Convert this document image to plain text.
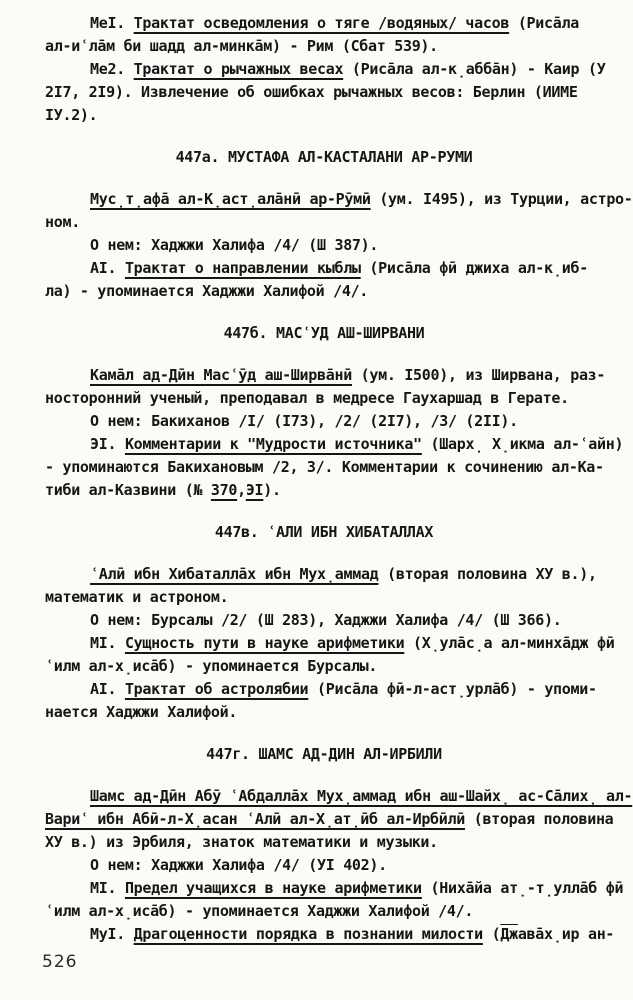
МеI. Трактат осведомления о тяге /водяных/ часов (Риса̄ла
ал-иʿла̄м би шадд ал-минка̄м) - Рим (Сбат 539).
Ме2. Трактат о рычажных весах (Риса̄ла ал-к̣абба̄н) - Каир (У
2I7, 2I9). Извлечение об ошибках рычажных весов: Берлин (ИИМЕ
IУ.2).
447а. МУСТАФА АЛ-КАСТАЛАНИ АР-РУМИ
Мус̣т̣афа̄ ал-К̣аст̣ала̄нӣ ар-Рӯмӣ (ум. I495), из Турции, астро-
ном.
О нем: Хаджжи Халифа /4/ (Ш 387).
АI. Трактат о направлении кыблы (Риса̄ла фӣ джиха ал-к̣иб-
ла) - упоминается Хаджжи Халифой /4/.
447б. МАСʿУД АШ-ШИРВАНИ
Кама̄л ад-Дӣн Масʿӯд аш-Ширва̄нӣ (ум. I500), из Ширвана, раз-
носторонний ученый, преподавал в медресе Гаухаршад в Герате.
О нем: Бакиханов /I/ (I73), /2/ (2I7), /3/ (2II).
ЭI. Комментарии к "Мудрости источника" (Шарх̣ Х̣икма ал-ʿайн)
- упоминаются Бакихановым /2, 3/. Комментарии к сочинению ал-Ка-
тиби ал-Казвини (№ 370,ЭI).
447в. ʿАЛИ ИБН ХИБАТАЛЛАХ
ʿАлӣ ибн Хибаталла̄х ибн Мух̣аммад (вторая половина ХУ в.),
математик и астроном.
О нем: Бурсалы /2/ (Ш 283), Хаджжи Халифа /4/ (Ш 366).
МI. Сущность пути в науке арифметики (Х̣ула̄с̣а ал-минха̄дж фӣ
ʿилм ал-х̣иса̄б) - упоминается Бурсалы.
АI. Трактат об астролябии (Риса̄ла фӣ-л-аст̣урла̄б) - упоми-
нается Хаджжи Халифой.
447г. ШАМС АД-ДИН АЛ-ИРБИЛИ
Шамс ад-Дӣн Абӯ ʿАбдалла̄х Мух̣аммад ибн аш-Шайх̣ ас-Са̄лих̣ ал-
Вариʿ ибн Абӣ-л-Х̣асан ʿАлӣ ал-Х̣ат̣ӣб ал-Ирбӣлӣ (вторая половина
ХУ в.) из Эрбиля, знаток математики и музыки.
О нем: Хаджжи Халифа /4/ (УI 402).
МI. Предел учащихся в науке арифметики (Ниха̄йа ат̣-т̣улла̄б фӣ
ʿилм ал-х̣иса̄б) - упоминается Хаджжи Халифой /4/.
МуI. Драгоценности порядка в познании милости (Джава̄х̣ир ан-
526
